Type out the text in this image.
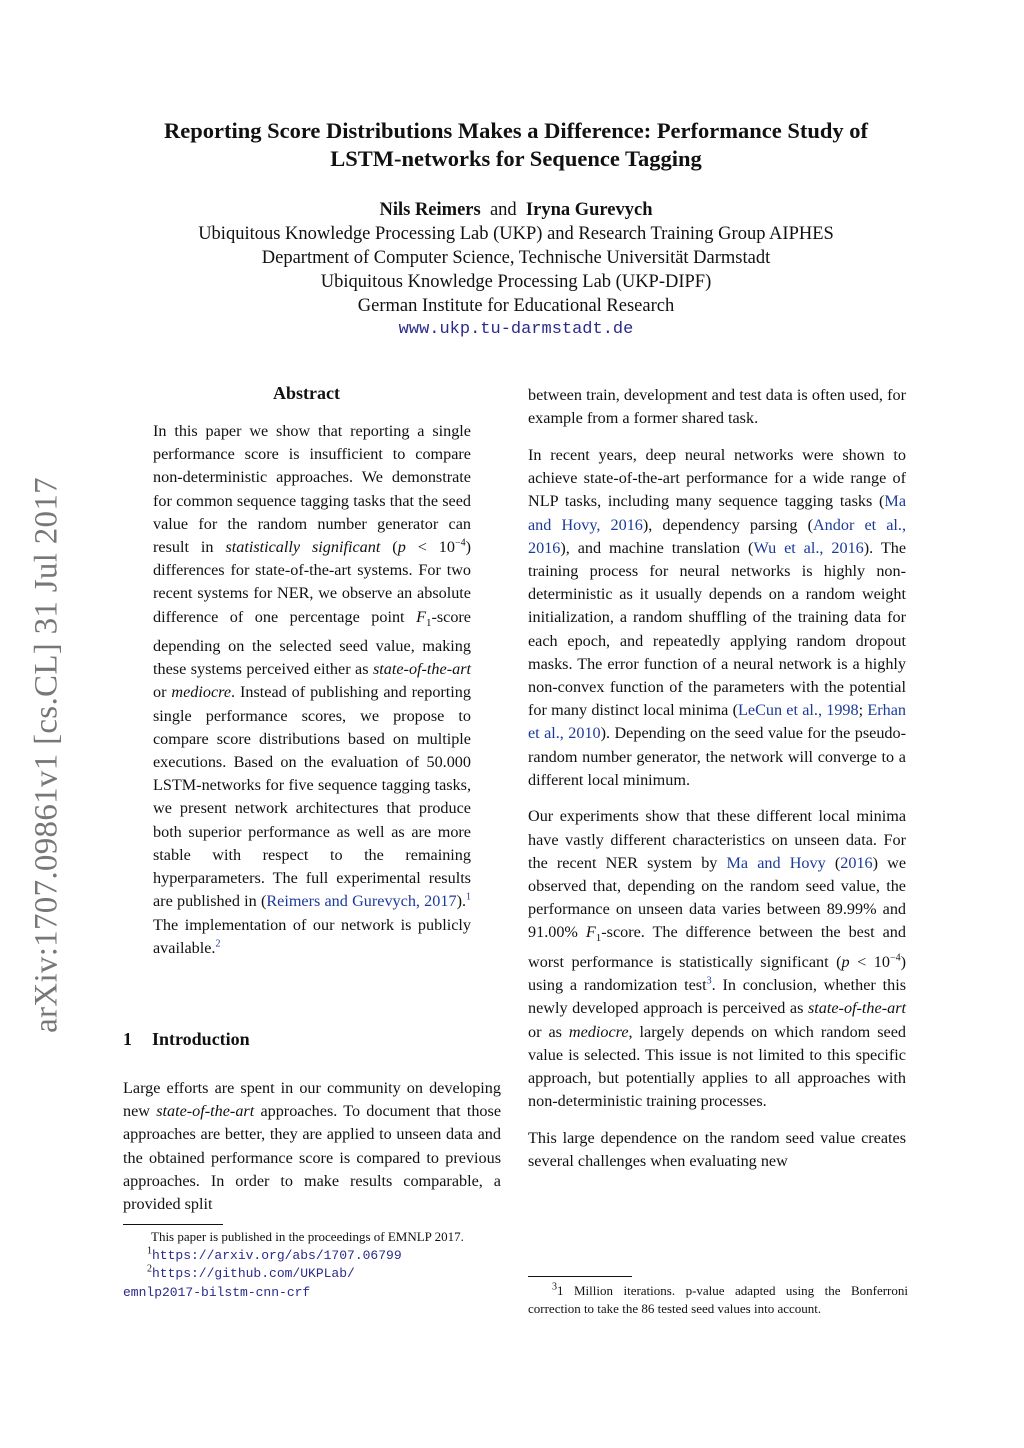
Reporting Score Distributions Makes a Difference: Performance Study of
LSTM-networks for Sequence Tagging
Nils Reimers and Iryna Gurevych
Ubiquitous Knowledge Processing Lab (UKP) and Research Training Group AIPHES
Department of Computer Science, Technische Universität Darmstadt
Ubiquitous Knowledge Processing Lab (UKP-DIPF)
German Institute for Educational Research
www.ukp.tu-darmstadt.de
arXiv:1707.09861v1 [cs.CL] 31 Jul 2017
Abstract

In this paper we show that reporting a single performance score is insufficient to compare non-deterministic approaches. We demonstrate for common sequence tagging tasks that the seed value for the random number generator can result in statistically significant $(p < 10^{-4})$ differences for state-of-the-art systems. For two recent systems for NER, we observe an absolute difference of one percentage point $F_1$-score depending on the selected seed value, making these systems perceived either as state-of-the-art or mediocre. Instead of publishing and reporting single performance scores, we propose to compare score distributions based on multiple executions. Based on the evaluation of 50.000 LSTM-networks for five sequence tagging tasks, we present network architectures that produce both superior performance as well as are more stable with respect to the remaining hyperparameters. The full experimental results are published in (Reimers and Gurevych, 2017).$^1$ The implementation of our network is publicly available.$^2$

1 Introduction

Large efforts are spent in our community on developing new state-of-the-art approaches. To document that those approaches are better, they are applied to unseen data and the obtained performance score is compared to previous approaches. In order to make results comparable, a provided split

This paper is published in the proceedings of EMNLP 2017.
$^1$https://arxiv.org/abs/1707.06799
$^2$https://github.com/UKPLab/
emnlp2017-bilstm-cnn-crf

between train, development and test data is often used, for example from a former shared task.

In recent years, deep neural networks were shown to achieve state-of-the-art performance for a wide range of NLP tasks, including many sequence tagging tasks (Ma and Hovy, 2016), dependency parsing (Andor et al., 2016), and machine translation (Wu et al., 2016). The training process for neural networks is highly non-deterministic as it usually depends on a random weight initialization, a random shuffling of the training data for each epoch, and repeatedly applying random dropout masks. The error function of a neural network is a highly non-convex function of the parameters with the potential for many distinct local minima (LeCun et al., 1998; Erhan et al., 2010). Depending on the seed value for the pseudo-random number generator, the network will converge to a different local minimum.

Our experiments show that these different local minima have vastly different characteristics on unseen data. For the recent NER system by Ma and Hovy (2016) we observed that, depending on the random seed value, the performance on unseen data varies between 89.99% and 91.00% $F_1$-score. The difference between the best and worst performance is statistically significant $(p < 10^{-4})$ using a randomization test$^3$. In conclusion, whether this newly developed approach is perceived as state-of-the-art or as mediocre, largely depends on which random seed value is selected. This issue is not limited to this specific approach, but potentially applies to all approaches with non-deterministic training processes.

This large dependence on the random seed value creates several challenges when evaluating new

$^3$1 Million iterations. p-value adapted using the Bonferroni correction to take the 86 tested seed values into account.
